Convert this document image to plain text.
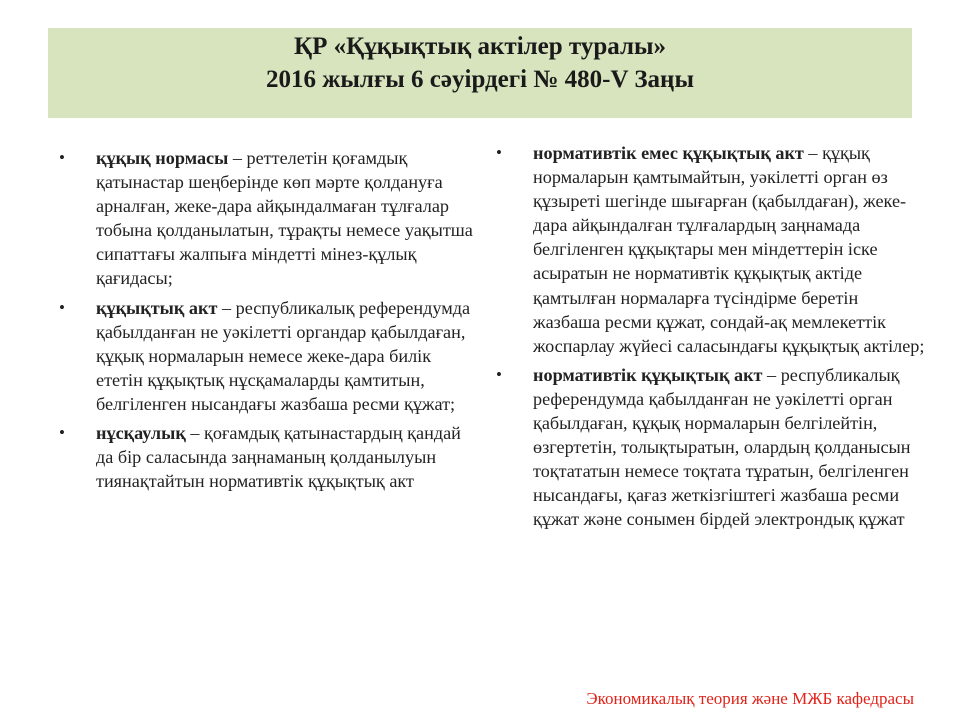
ҚР «Құқықтық актілер туралы»
2016 жылғы 6 сәуірдегі № 480-V Заңы
• құқық нормасы – реттелетін қоғамдық қатынастар шеңберінде көп мәрте қолдануға арналған, жеке-дара айқындалмаған тұлғалар тобына қолданылатын, тұрақты немесе уақытша сипаттағы жалпыға міндетті мінез-құлық қағидасы;
• құқықтық акт – республикалық референдумда қабылданған не уәкілетті органдар қабылдаған, құқық нормаларын немесе жеке-дара билік ететін құқықтық нұсқамаларды қамтитын, белгіленген нысандағы жазбаша ресми құжат;
• нұсқаулық – қоғамдық қатынастардың қандай да бір саласында заңнаманың қолданылуын тиянақтайтын нормативтік құқықтық акт
• нормативтік емес құқықтық акт – құқық нормаларын қамтымайтын, уәкілетті орган өз құзыреті шегінде шығарған (қабылдаған), жеке-дара айқындалған тұлғалардың заңнамада белгіленген құқықтары мен міндеттерін іске асыратын не нормативтік құқықтық актіде қамтылған нормаларға түсіндірме беретін жазбаша ресми құжат, сондай-ақ мемлекеттік жоспарлау жүйесі саласындағы құқықтық актілер;
• нормативтік құқықтық акт – республикалық референдумда қабылданған не уәкілетті орган қабылдаған, құқық нормаларын белгілейтін, өзгертетін, толықтыратын, олардың қолданысын тоқтататын немесе тоқтата тұратын, белгіленген нысандағы, қағаз жеткізгіштегі жазбаша ресми құжат және сонымен бірдей электрондық құжат
Экономикалық теория және МЖБ кафедрасы
